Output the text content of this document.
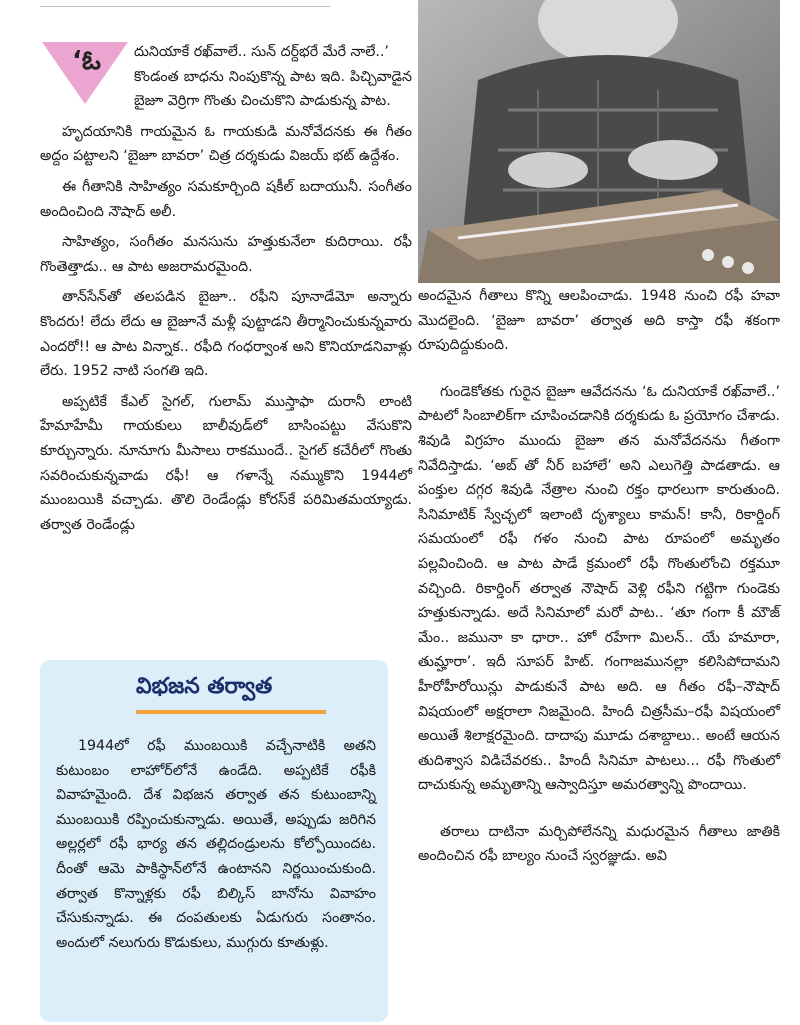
‘ఓ దునియాకే రఖ్‌వాలే.. సున్ దర్ద్‌భరే మేరే నాలే..’

కొండంత బాధను నింపుకొన్న పాట ఇది. పిచ్చివాడైన బైజూ వెర్రిగా గొంతు చించుకొని పాడుకున్న పాట.

హృదయానికి గాయమైన ఓ గాయకుడి మనోవేదనకు ఈ గీతం అద్దం పట్టాలని ‘బైజూ బావరా’ చిత్ర దర్శకుడు విజయ్ భట్ ఉద్దేశం.

ఈ గీతానికి సాహిత్యం సమకూర్చింది షకీల్ బదాయునీ. సంగీతం అందించింది నౌషాద్ అలీ.

సాహిత్యం, సంగీతం మనసును హత్తుకునేలా కుదిరాయి. రఫీ గొంతెత్తాడు.. ఆ పాట అజరామరమైంది.

తాన్‌సేన్‌తో తలపడిన బైజూ.. రఫీని పూనాడేమో అన్నారు కొందరు! లేదు లేదు ఆ బైజూనే మళ్లీ పుట్టాడని తీర్మానించుకున్నవారు ఎందరో!! ఆ పాట విన్నాక.. రఫీది గంధర్వాంశ అని కొనియాడనివాళ్లు లేరు. 1952 నాటి సంగతి ఇది.

అప్పటికే కేఎల్ సైగల్, గులామ్ ముస్తాఫా దురానీ లాంటి హేమాహేమీ గాయకులు బాలీవుడ్‌లో బాసింపట్టు వేసుకొని కూర్చున్నారు. నూనూగు మీసాలు రాకముందే.. సైగల్ కచేరీలో గొంతు సవరించుకున్నవాడు రఫీ! ఆ గళాన్నే నమ్ముకొని 1944లో ముంబయికి వచ్చాడు. తొలి రెండేండ్లు కోరస్‌కే పరిమితమయ్యాడు. తర్వాత రెండేండ్లు

విభజన తర్వాత

1944లో రఫీ ముంబయికి వచ్చేనాటికి అతని కుటుంబం లాహోర్‌లోనే ఉండేది. అప్పటికే రఫీకి వివాహమైంది. దేశ విభజన తర్వాత తన కుటుంబాన్ని ముంబయికి రప్పించుకున్నాడు. అయితే, అప్పుడు జరిగిన అల్లర్లలో రఫీ భార్య తన తల్లిదండ్రులను కోల్పోయిందట. దీంతో ఆమె పాకిస్థాన్‌లోనే ఉంటానని నిర్ణయించుకుంది. తర్వాత కొన్నాళ్లకు రఫీ బిల్కిస్ బానోను వివాహం చేసుకున్నాడు. ఈ దంపతులకు ఏడుగురు సంతానం. అందులో నలుగురు కొడుకులు, ముగ్గురు కూతుళ్లు.

అందమైన గీతాలు కొన్ని ఆలపించాడు. 1948 నుంచి రఫీ హవా మొదలైంది. ‘బైజూ బావరా’ తర్వాత అది కాస్తా రఫీ శకంగా రూపుదిద్దుకుంది.

గుండెకోతకు గురైన బైజూ ఆవేదనను ‘ఓ దునియాకే రఖ్‌వాలే..’ పాటలో సింబాలిక్‌గా చూపించడానికి దర్శకుడు ఓ ప్రయోగం చేశాడు. శివుడి విగ్రహం ముందు బైజూ తన మనోవేదనను గీతంగా నివేదిస్తాడు. ‘అబ్ తో నీర్ బహాలే’ అని ఎలుగెత్తి పాడతాడు. ఆ పంక్తుల దగ్గర శివుడి నేత్రాల నుంచి రక్తం ధారలుగా కారుతుంది. సినిమాటిక్ స్వేచ్ఛలో ఇలాంటి దృశ్యాలు కామన్! కానీ, రికార్డింగ్ సమయంలో రఫీ గళం నుంచి పాట రూపంలో అమృతం పల్లవించింది. ఆ పాట పాడే క్రమంలో రఫీ గొంతులోంచి రక్తమూ వచ్చింది. రికార్డింగ్ తర్వాత నౌషాద్ వెళ్లి రఫీని గట్టిగా గుండెకు హత్తుకున్నాడు. అదే సినిమాలో మరో పాట.. ‘తూ గంగా కీ మౌజ్ మేం.. జమునా కా ధారా.. హో రహేగా మిలన్.. యే హమారా, తుమ్హారా’. ఇదీ సూపర్ హిట్. గంగాజమునల్లా కలిసిపోదామని హీరోహీరోయిన్లు పాడుకునే పాట అది. ఆ గీతం రఫీ–నౌషాద్ విషయంలో అక్షరాలా నిజమైంది. హిందీ చిత్రసీమ–రఫీ విషయంలో అయితే శిలాక్షరమైంది. దాదాపు మూడు దశాబ్దాలు.. అంటే ఆయన తుదిశ్వాస విడిచేవరకు.. హిందీ సినిమా పాటలు... రఫీ గొంతులో దాచుకున్న అమృతాన్ని ఆస్వాదిస్తూ అమరత్వాన్ని పొందాయి.

తరాలు దాటినా మర్చిపోలేనన్ని మధురమైన గీతాలు జాతికి అందించిన రఫీ బాల్యం నుంచే స్వరజ్ఞుడు. అవి
